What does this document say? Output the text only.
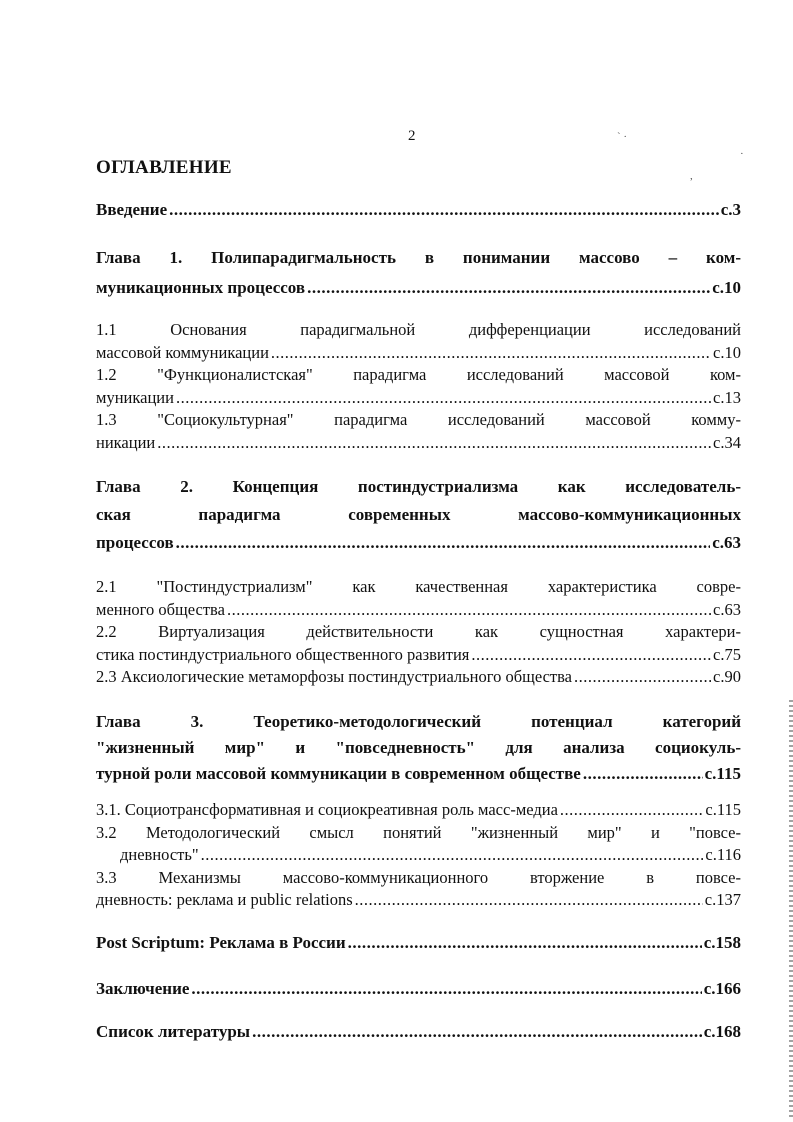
` ·
·
,
2
ОГЛАВЛЕНИЕ
Введение .....	с.3
Глава 1. Полипарадигмальность в понимании массово – ком-
муникационных процессов .....	с.10
1.1 Основания парадигмальной дифференциации исследований
массовой коммуникации .....	с.10
1.2 "Функционалистская" парадигма исследований массовой ком-
муникации .....	с.13
1.3 "Социокультурная" парадигма исследований массовой комму-
никации .....	с.34
Глава 2. Концепция постиндустриализма как исследователь-
ская парадигма современных массово-коммуникационных
процессов .....	с.63
2.1 "Постиндустриализм" как качественная характеристика совре-
менного общества .....	с.63
2.2 Виртуализация действительности как сущностная характери-
стика постиндустриального общественного развития .....	с.75
2.3 Аксиологические метаморфозы постиндустриального общества .....	с.90
Глава 3. Теоретико-методологический потенциал категорий
"жизненный мир" и "повседневность" для анализа социокуль-
турной роли массовой коммуникации в современном обществе .....	с.115
3.1. Социотрансформативная и социокреативная роль масс-медиа .....	с.115
3.2 Методологический смысл понятий "жизненный мир" и "повсе-
дневность" .....	с.116
3.3 Механизмы массово-коммуникационного вторжение в повсе-
дневность: реклама и public relations .....	с.137
Post Scriptum: Реклама в России .....	с.158
Заключение .....	с.166
Список литературы .....	с.168
